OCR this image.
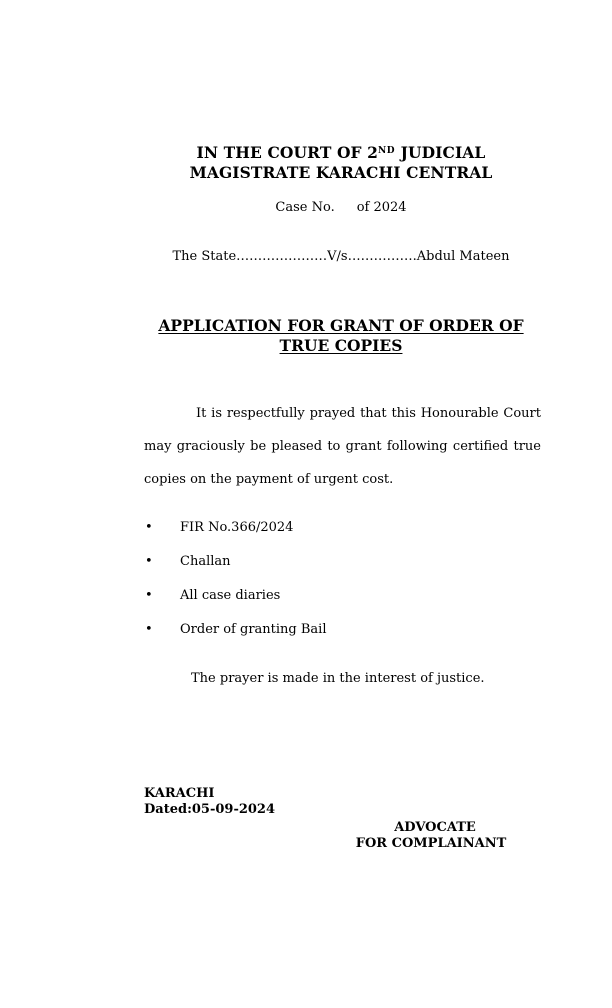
IN THE COURT OF 2ND JUDICIAL
MAGISTRATE KARACHI CENTRAL
Case No. of 2024
The State…………………V/s…………….Abdul Mateen
APPLICATION FOR GRANT OF ORDER OF
TRUE COPIES

It is respectfully prayed that this Honourable Court may graciously be pleased to grant following certified true copies on the payment of urgent cost.

• FIR No.366/2024
• Challan
• All case diaries
• Order of granting Bail
The prayer is made in the interest of justice.
KARACHI
Dated:05-09-2024
ADVOCATE
FOR COMPLAINANT
